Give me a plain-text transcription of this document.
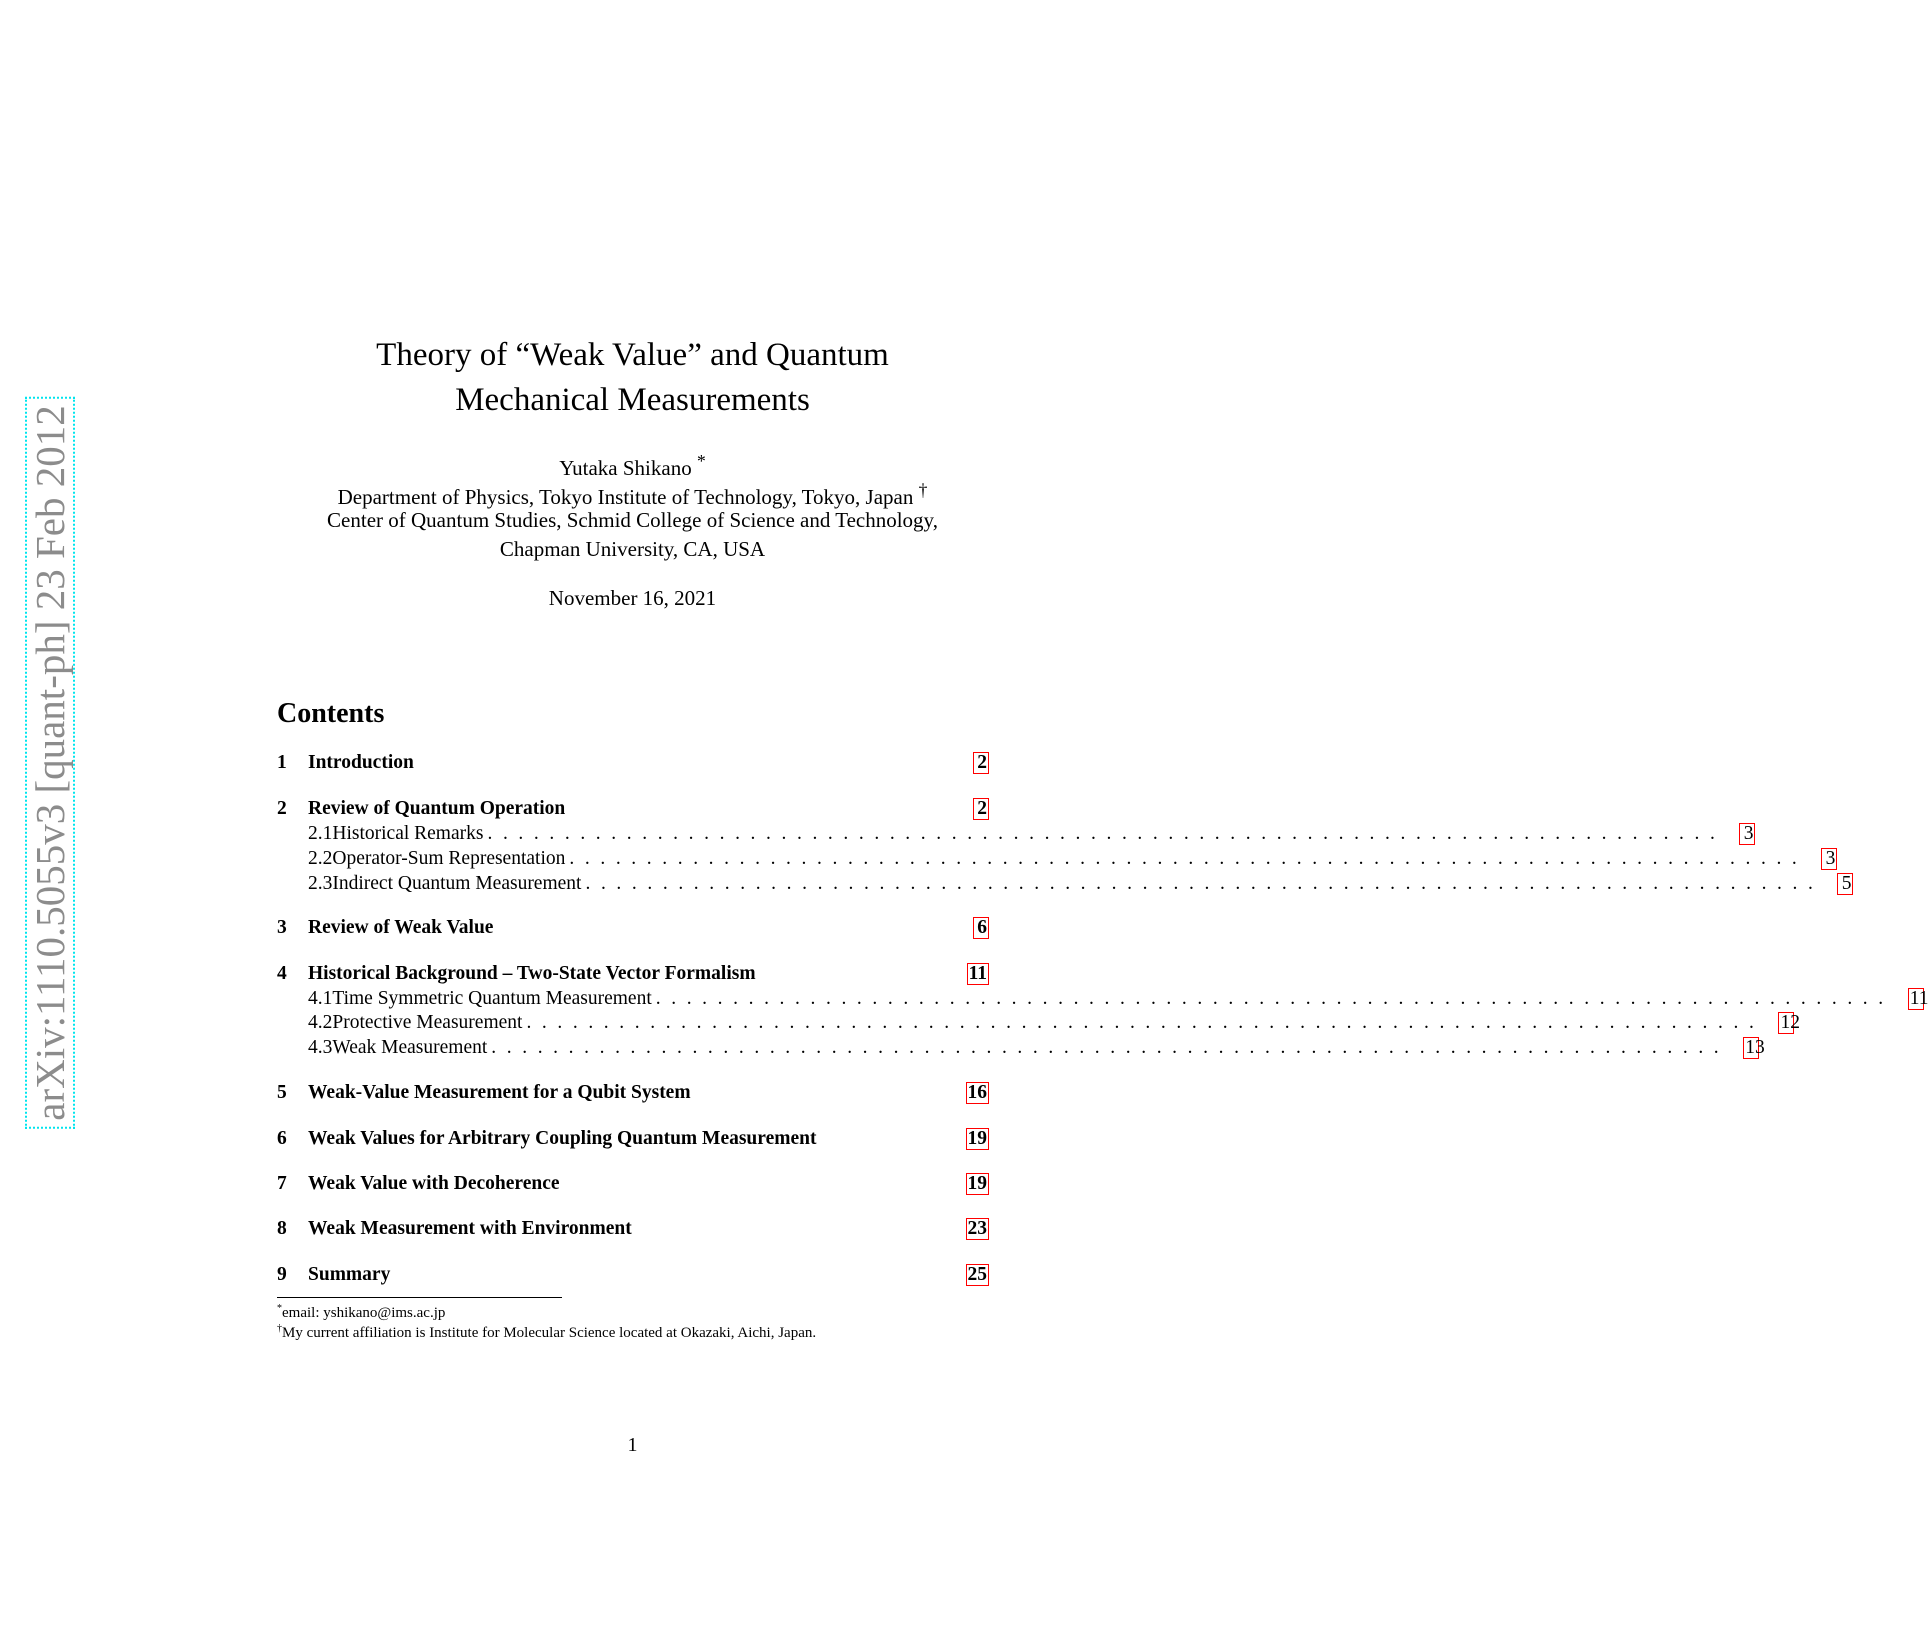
arXiv:1110.5055v3 [quant-ph] 23 Feb 2012
Theory of “Weak Value” and Quantum
Mechanical Measurements
Yutaka Shikano *
Department of Physics, Tokyo Institute of Technology, Tokyo, Japan †
Center of Quantum Studies, Schmid College of Science and Technology,
Chapman University, CA, USA
November 16, 2021
Contents
1	Introduction	2
2	Review of Quantum Operation	2
2.1 Historical Remarks ................................................................................ 3
2.2 Operator-Sum Representation ................................................................................ 3
2.3 Indirect Quantum Measurement ................................................................................ 5
3	Review of Weak Value	6
4	Historical Background – Two-State Vector Formalism	11
4.1 Time Symmetric Quantum Measurement ................................................................................ 11
4.2 Protective Measurement ................................................................................ 12
4.3 Weak Measurement ................................................................................ 13
5	Weak-Value Measurement for a Qubit System	16
6	Weak Values for Arbitrary Coupling Quantum Measurement	19
7	Weak Value with Decoherence	19
8	Weak Measurement with Environment	23
9	Summary	25
*email: yshikano@ims.ac.jp
†My current affiliation is Institute for Molecular Science located at Okazaki, Aichi, Japan.
1
